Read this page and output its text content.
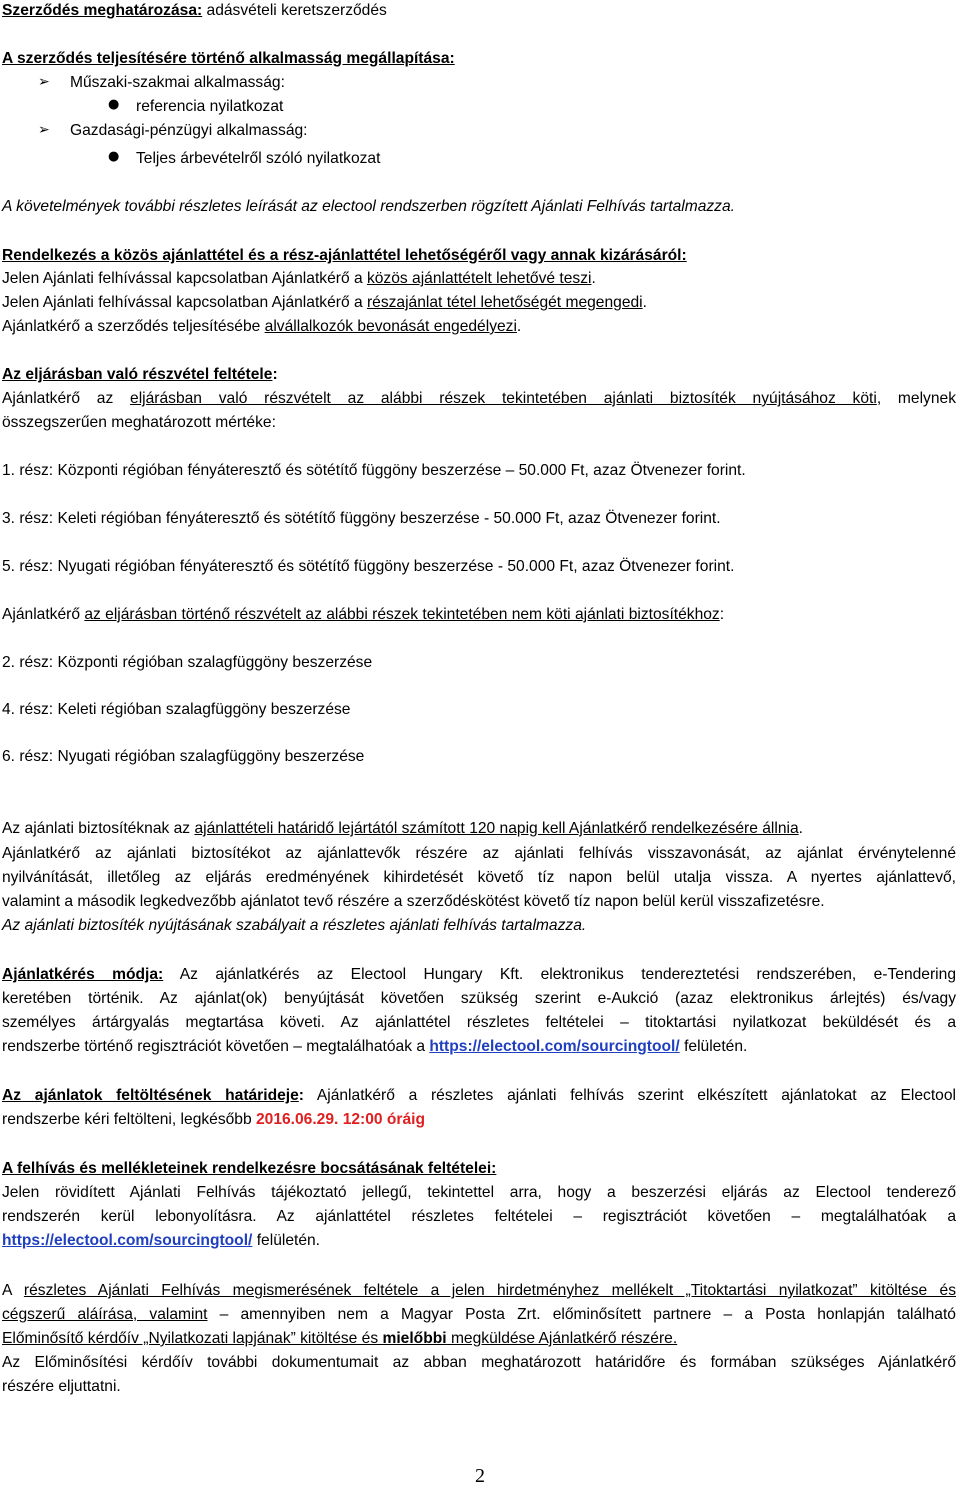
Szerződés meghatározása: adásvételi keretszerződés
A szerződés teljesítésére történő alkalmasság megállapítása:
➢ Műszaki-szakmai alkalmasság:
● referencia nyilatkozat
➢ Gazdasági-pénzügyi alkalmasság:
● Teljes árbevételről szóló nyilatkozat
A követelmények további részletes leírását az electool rendszerben rögzített Ajánlati Felhívás tartalmazza.
Rendelkezés a közös ajánlattétel és a rész-ajánlattétel lehetőségéről vagy annak kizárásáról:
Jelen Ajánlati felhívással kapcsolatban Ajánlatkérő a közös ajánlattételt lehetővé teszi.
Jelen Ajánlati felhívással kapcsolatban Ajánlatkérő a részajánlat tétel lehetőségét megengedi.
Ajánlatkérő a szerződés teljesítésébe alvállalkozók bevonását engedélyezi.
Az eljárásban való részvétel feltétele:
Ajánlatkérő az eljárásban való részvételt az alábbi részek tekintetében ajánlati biztosíték nyújtásához köti, melynek
összegszerűen meghatározott mértéke:
1. rész: Központi régióban fényáteresztő és sötétítő függöny beszerzése – 50.000 Ft, azaz Ötvenezer forint.
3. rész: Keleti régióban fényáteresztő és sötétítő függöny beszerzése - 50.000 Ft, azaz Ötvenezer forint.
5. rész: Nyugati régióban fényáteresztő és sötétítő függöny beszerzése - 50.000 Ft, azaz Ötvenezer forint.
Ajánlatkérő az eljárásban történő részvételt az alábbi részek tekintetében nem köti ajánlati biztosítékhoz:
2. rész: Központi régióban szalagfüggöny beszerzése
4. rész: Keleti régióban szalagfüggöny beszerzése
6. rész: Nyugati régióban szalagfüggöny beszerzése
Az ajánlati biztosítéknak az ajánlattételi határidő lejártától számított 120 napig kell Ajánlatkérő rendelkezésére állnia.
Ajánlatkérő az ajánlati biztosítékot az ajánlattevők részére az ajánlati felhívás visszavonását, az ajánlat érvénytelenné
nyilvánítását, illetőleg az eljárás eredményének kihirdetését követő tíz napon belül utalja vissza. A nyertes ajánlattevő,
valamint a második legkedvezőbb ajánlatot tevő részére a szerződéskötést követő tíz napon belül kerül visszafizetésre.
Az ajánlati biztosíték nyújtásának szabályait a részletes ajánlati felhívás tartalmazza.
Ajánlatkérés módja: Az ajánlatkérés az Electool Hungary Kft. elektronikus tendereztetési rendszerében, e-Tendering
keretében történik. Az ajánlat(ok) benyújtását követően szükség szerint e-Aukció (azaz elektronikus árlejtés) és/vagy
személyes ártárgyalás megtartása követi. Az ajánlattétel részletes feltételei – titoktartási nyilatkozat beküldését és a
rendszerbe történő regisztrációt követően – megtalálhatóak a https://electool.com/sourcingtool/ felületén.
Az ajánlatok feltöltésének határideje: Ajánlatkérő a részletes ajánlati felhívás szerint elkészített ajánlatokat az Electool
rendszerbe kéri feltölteni, legkésőbb 2016.06.29. 12:00 óráig
A felhívás és mellékleteinek rendelkezésre bocsátásának feltételei:
Jelen rövidített Ajánlati Felhívás tájékoztató jellegű, tekintettel arra, hogy a beszerzési eljárás az Electool tenderező
rendszerén kerül lebonyolításra. Az ajánlattétel részletes feltételei – regisztrációt követően – megtalálhatóak a
https://electool.com/sourcingtool/ felületén.
A részletes Ajánlati Felhívás megismerésének feltétele a jelen hirdetményhez mellékelt „Titoktartási nyilatkozat” kitöltése és
cégszerű aláírása, valamint – amennyiben nem a Magyar Posta Zrt. előminősített partnere – a Posta honlapján található
Előminősítő kérdőív „Nyilatkozati lapjának” kitöltése és mielőbbi megküldése Ajánlatkérő részére.
Az Előminősítési kérdőív további dokumentumait az abban meghatározott határidőre és formában szükséges Ajánlatkérő
részére eljuttatni.
2
